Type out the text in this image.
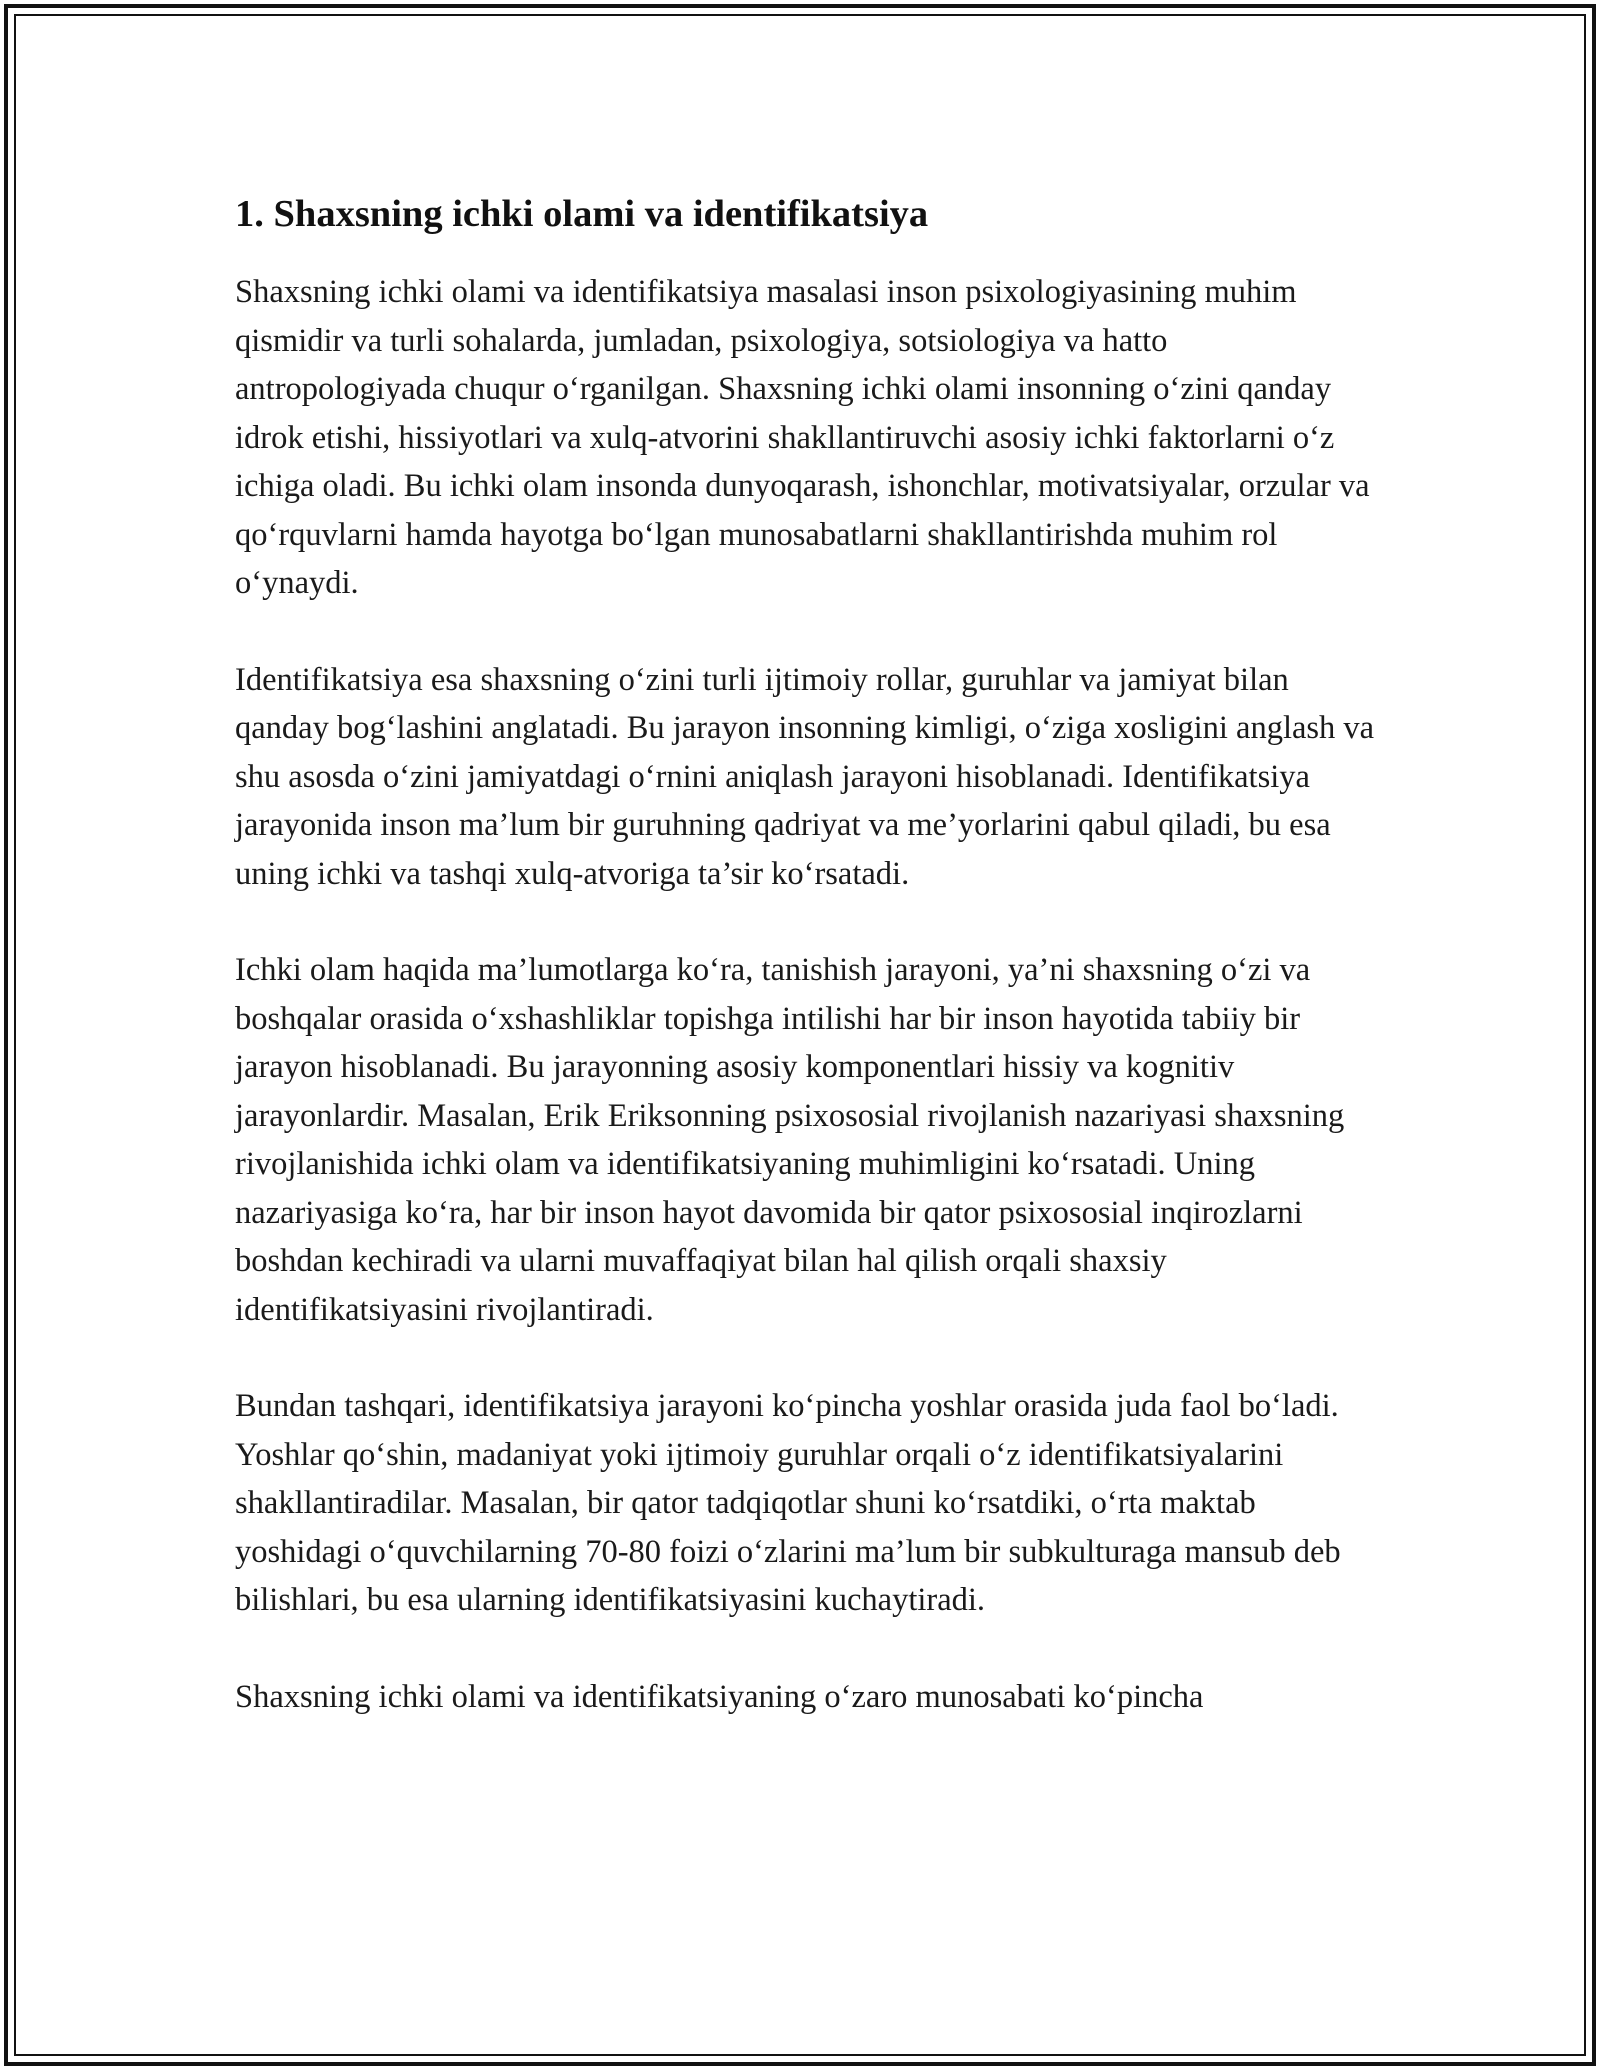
1. Shaxsning ichki olami va identifikatsiya

Shaxsning ichki olami va identifikatsiya masalasi inson psixologiyasining muhim qismidir va turli sohalarda, jumladan, psixologiya, sotsiologiya va hatto antropologiyada chuqur o‘rganilgan. Shaxsning ichki olami insonning o‘zini qanday idrok etishi, hissiyotlari va xulq-atvorini shakllantiruvchi asosiy ichki faktorlarni o‘z ichiga oladi. Bu ichki olam insonda dunyoqarash, ishonchlar, motivatsiyalar, orzular va qo‘rquvlarni hamda hayotga bo‘lgan munosabatlarni shakllantirishda muhim rol o‘ynaydi.

Identifikatsiya esa shaxsning o‘zini turli ijtimoiy rollar, guruhlar va jamiyat bilan qanday bog‘lashini anglatadi. Bu jarayon insonning kimligi, o‘ziga xosligini anglash va shu asosda o‘zini jamiyatdagi o‘rnini aniqlash jarayoni hisoblanadi. Identifikatsiya jarayonida inson ma’lum bir guruhning qadriyat va me’yorlarini qabul qiladi, bu esa uning ichki va tashqi xulq-atvoriga ta’sir ko‘rsatadi.

Ichki olam haqida ma’lumotlarga ko‘ra, tanishish jarayoni, ya’ni shaxsning o‘zi va boshqalar orasida o‘xshashliklar topishga intilishi har bir inson hayotida tabiiy bir jarayon hisoblanadi. Bu jarayonning asosiy komponentlari hissiy va kognitiv jarayonlardir. Masalan, Erik Eriksonning psixososial rivojlanish nazariyasi shaxsning rivojlanishida ichki olam va identifikatsiyaning muhimligini ko‘rsatadi. Uning nazariyasiga ko‘ra, har bir inson hayot davomida bir qator psixososial inqirozlarni boshdan kechiradi va ularni muvaffaqiyat bilan hal qilish orqali shaxsiy identifikatsiyasini rivojlantiradi.

Bundan tashqari, identifikatsiya jarayoni ko‘pincha yoshlar orasida juda faol bo‘ladi. Yoshlar qo‘shin, madaniyat yoki ijtimoiy guruhlar orqali o‘z identifikatsiyalarini shakllantiradilar. Masalan, bir qator tadqiqotlar shuni ko‘rsatdiki, o‘rta maktab yoshidagi o‘quvchilarning 70-80 foizi o‘zlarini ma’lum bir subkulturaga mansub deb bilishlari, bu esa ularning identifikatsiyasini kuchaytiradi.

Shaxsning ichki olami va identifikatsiyaning o‘zaro munosabati ko‘pincha
